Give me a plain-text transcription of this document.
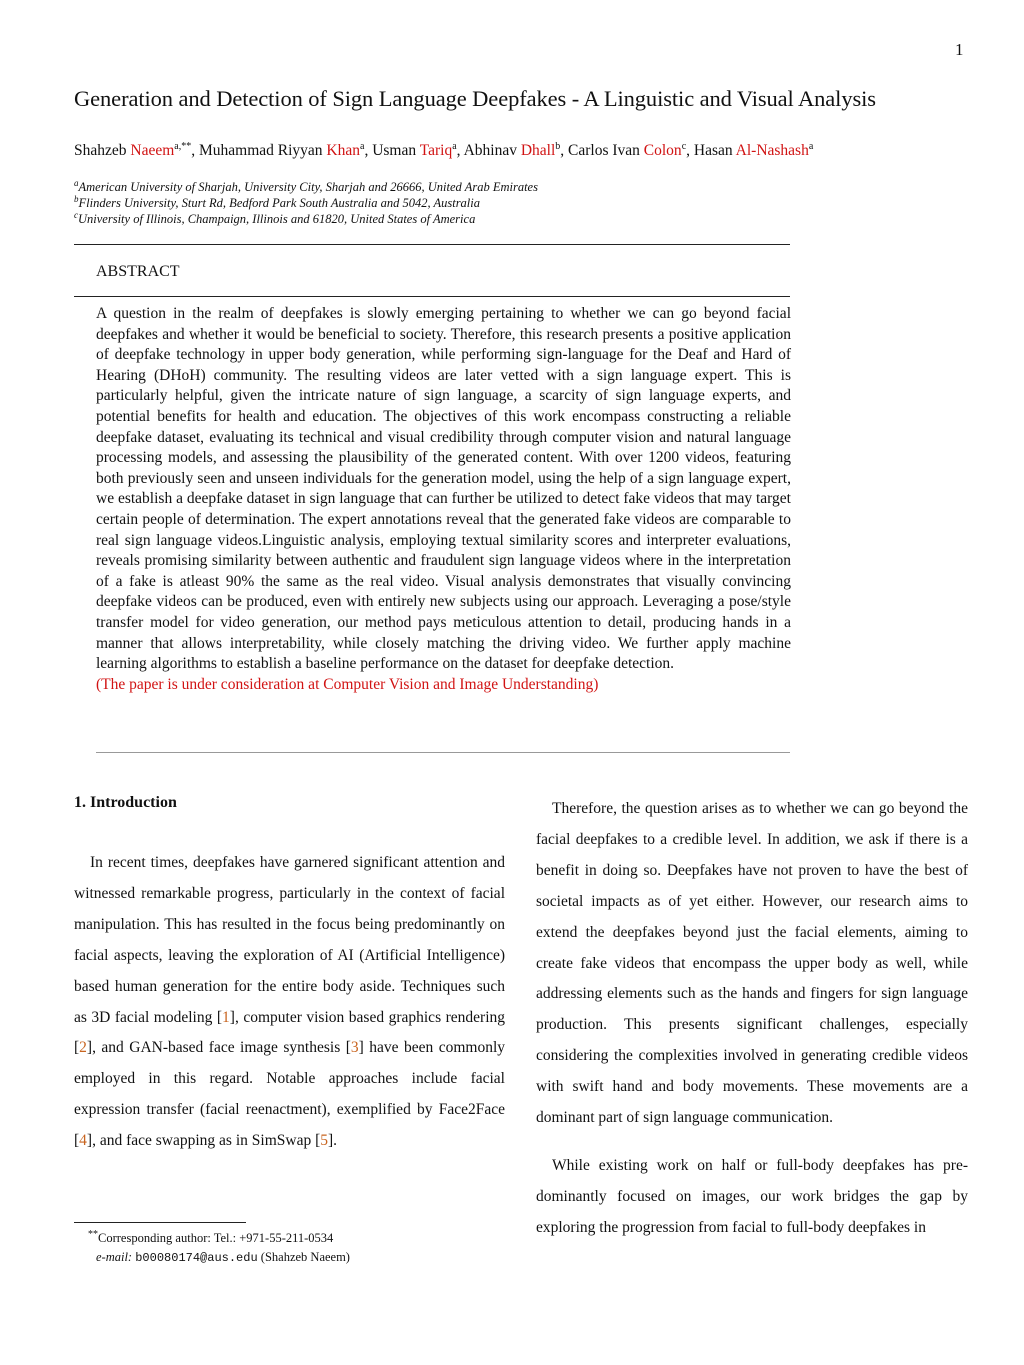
1
Generation and Detection of Sign Language Deepfakes - A Linguistic and Visual Analysis
Shahzeb Naeem$^{a,**}$, Muhammad Riyyan Khan$^a$, Usman Tariq$^a$, Abhinav Dhall$^b$, Carlos Ivan Colon$^c$, Hasan Al-Nashash$^a$
$^a$American University of Sharjah, University City, Sharjah and 26666, United Arab Emirates
$^b$Flinders University, Sturt Rd, Bedford Park South Australia and 5042, Australia
$^c$University of Illinois, Champaign, Illinois and 61820, United States of America
ABSTRACT
A question in the realm of deepfakes is slowly emerging pertaining to whether we can go beyond facial deepfakes and whether it would be beneficial to society. Therefore, this research presents a positive application of deepfake technology in upper body generation, while performing sign-language for the Deaf and Hard of Hearing (DHoH) community. The resulting videos are later vetted with a sign language expert. This is particularly helpful, given the intricate nature of sign language, a scarcity of sign language experts, and potential benefits for health and education. The objectives of this work encompass constructing a reliable deepfake dataset, evaluating its technical and visual credibility through computer vision and natural language processing models, and assessing the plausibility of the generated content. With over 1200 videos, featuring both previously seen and unseen individuals for the generation model, using the help of a sign language expert, we establish a deepfake dataset in sign language that can further be utilized to detect fake videos that may target certain people of determination. The expert annotations reveal that the generated fake videos are comparable to real sign language videos.Linguistic analysis, employing textual similarity scores and interpreter evaluations, reveals promising similarity between authentic and fraudulent sign language videos where in the interpretation of a fake is atleast 90% the same as the real video. Visual analysis demonstrates that visually convincing deepfake videos can be produced, even with entirely new subjects using our approach. Leveraging a pose/style transfer model for video generation, our method pays meticulous attention to detail, producing hands in a manner that allows interpretability, while closely matching the driving video. We further apply machine learning algorithms to establish a baseline performance on the dataset for deepfake detection.
(The paper is under consideration at Computer Vision and Image Understanding)
1. Introduction

In recent times, deepfakes have garnered significant attention and witnessed remarkable progress, particularly in the context of facial manipulation. This has resulted in the focus being predominantly on facial aspects, leaving the exploration of AI (Artificial Intelligence) based human generation for the entire body aside. Techniques such as 3D facial modeling [1], computer vision based graphics rendering [2], and GAN-based face image synthesis [3] have been commonly employed in this regard. Notable approaches include facial expression transfer (facial reenactment), exemplified by Face2Face [4], and face swapping as in SimSwap [5].

Therefore, the question arises as to whether we can go beyond the facial deepfakes to a credible level. In addition, we ask if there is a benefit in doing so. Deepfakes have not proven to have the best of societal impacts as of yet either. However, our research aims to extend the deepfakes beyond just the facial elements, aiming to create fake videos that encompass the upper body as well, while addressing elements such as the hands and fingers for sign language production. This presents significant challenges, especially considering the complexities involved in generating credible videos with swift hand and body movements. These movements are a dominant part of sign language communication.

While existing work on half or full-body deepfakes has predominantly focused on images, our work bridges the gap by exploring the progression from facial to full-body deepfakes in

**Corresponding author: Tel.: +971-55-211-0534
e-mail: b00080174@aus.edu (Shahzeb Naeem)
